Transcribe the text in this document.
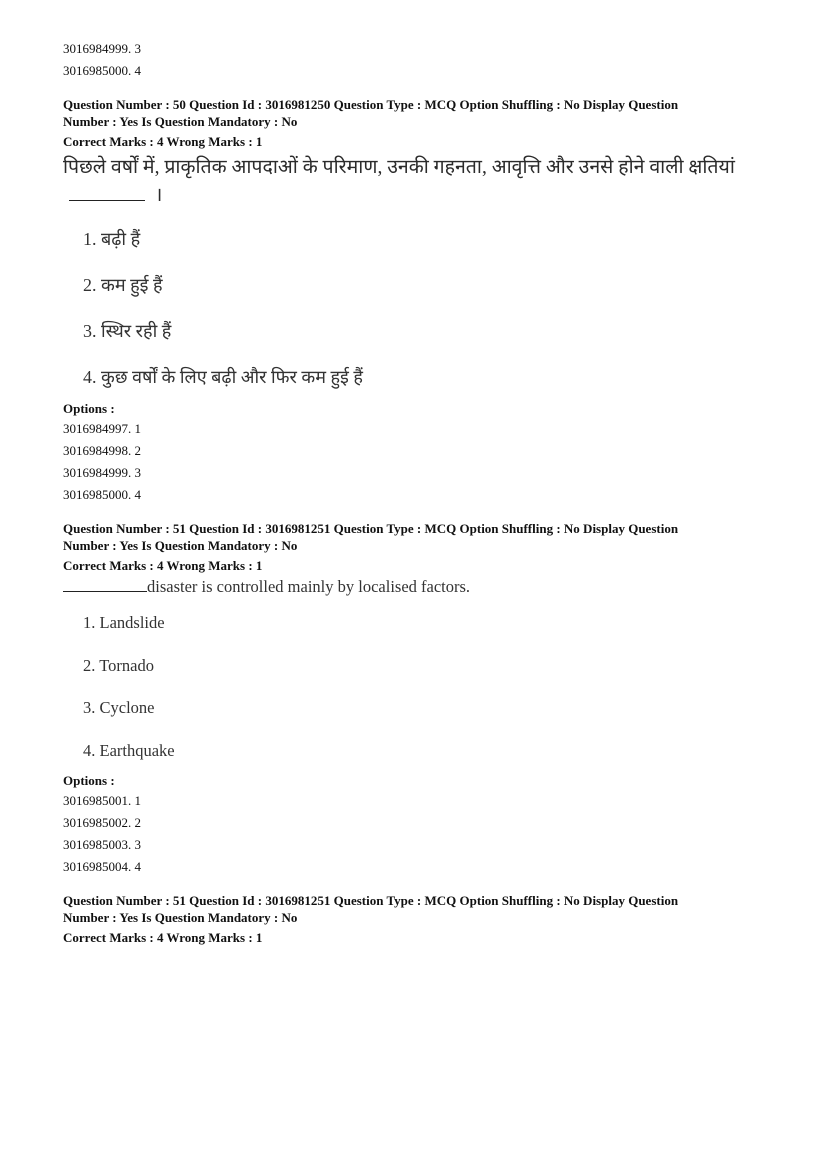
3016984999. 3
3016985000. 4
Question Number : 50 Question Id : 3016981250 Question Type : MCQ Option Shuffling : No Display Question
Number : Yes Is Question Mandatory : No
Correct Marks : 4 Wrong Marks : 1
पिछले वर्षों में, प्राकृतिक आपदाओं के परिमाण, उनकी गहनता, आवृत्ति और उनसे होने वाली क्षतियां
।
1. बढ़ी हैं
2. कम हुई हैं
3. स्थिर रही हैं
4. कुछ वर्षों के लिए बढ़ी और फिर कम हुई हैं
Options :
3016984997. 1
3016984998. 2
3016984999. 3
3016985000. 4
Question Number : 51 Question Id : 3016981251 Question Type : MCQ Option Shuffling : No Display Question
Number : Yes Is Question Mandatory : No
Correct Marks : 4 Wrong Marks : 1
disaster is controlled mainly by localised factors.
1. Landslide
2. Tornado
3. Cyclone
4. Earthquake
Options :
3016985001. 1
3016985002. 2
3016985003. 3
3016985004. 4
Question Number : 51 Question Id : 3016981251 Question Type : MCQ Option Shuffling : No Display Question
Number : Yes Is Question Mandatory : No
Correct Marks : 4 Wrong Marks : 1
